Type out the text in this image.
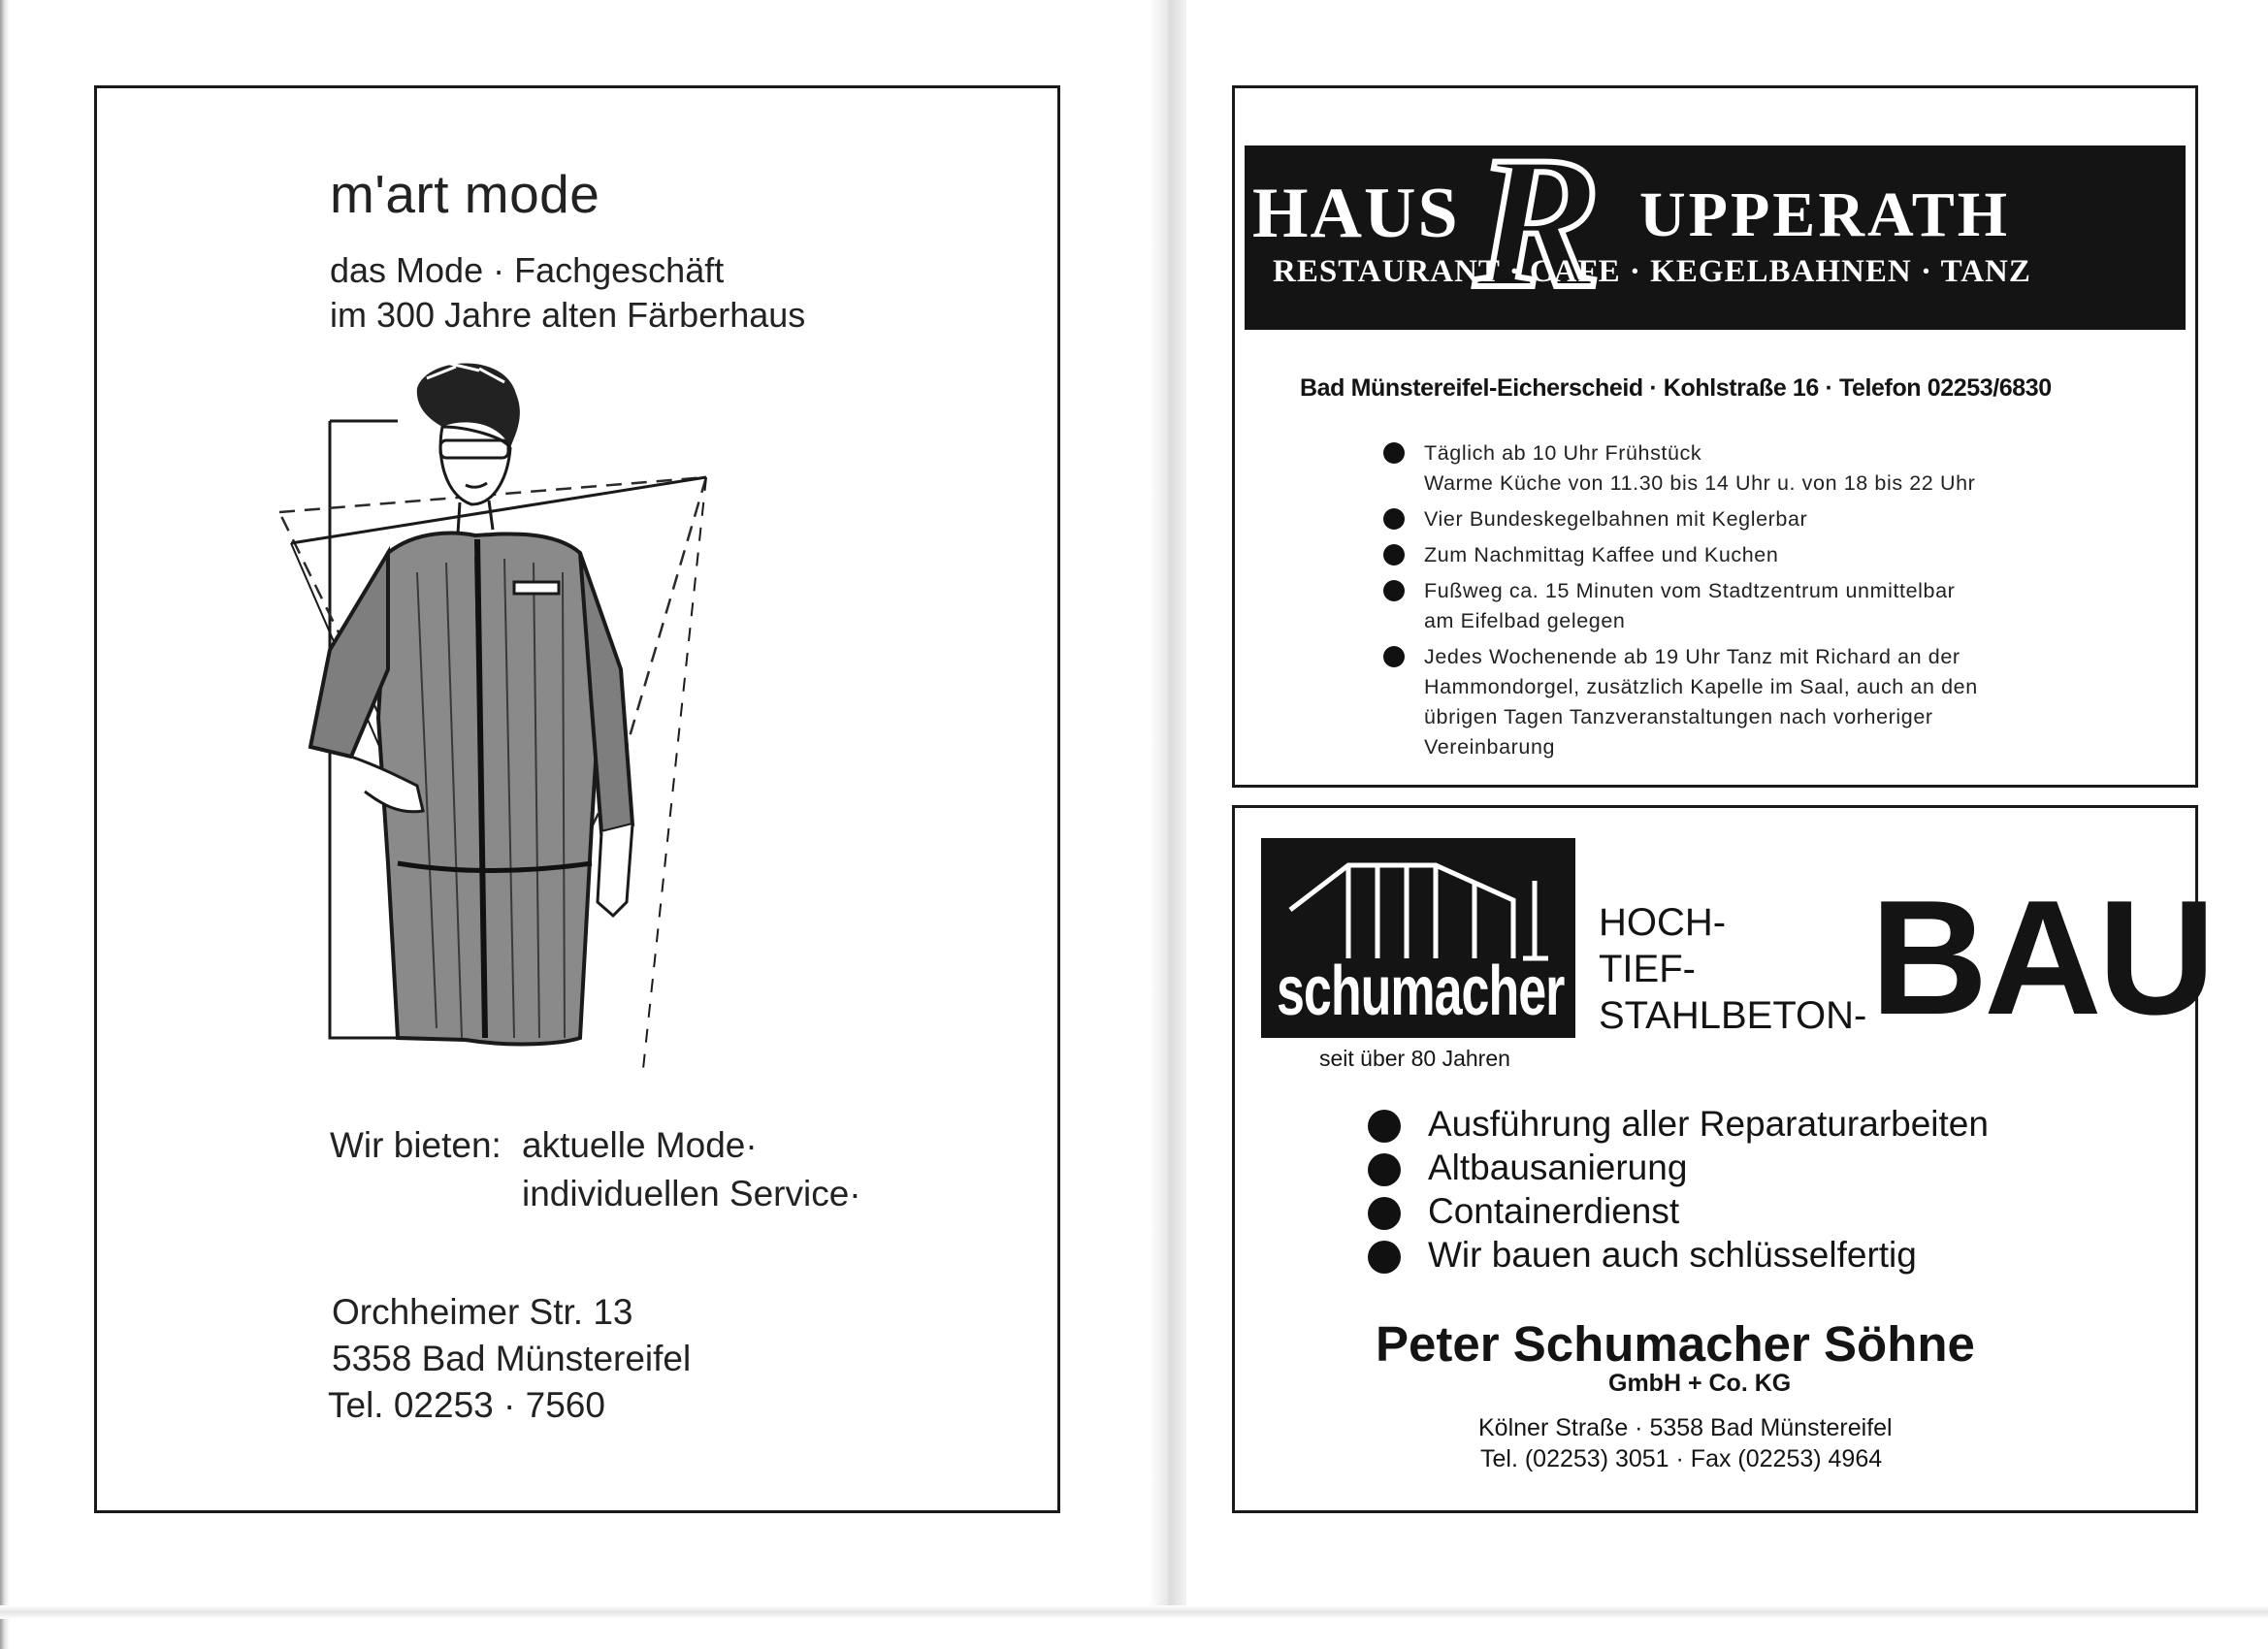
m'art mode
das Mode · Fachgeschäft
im 300 Jahre alten Färberhaus
Wir bieten: aktuelle Mode·
individuellen Service·
Orchheimer Str. 13
5358 Bad Münstereifel
Tel. 02253 · 7560
HAUS R UPPERATH
RESTAURANT · CAFE · KEGELBAHNEN · TANZ
Bad Münstereifel-Eicherscheid · Kohlstraße 16 · Telefon 02253/6830
Täglich ab 10 Uhr Frühstück
Warme Küche von 11.30 bis 14 Uhr u. von 18 bis 22 Uhr
Vier Bundeskegelbahnen mit Keglerbar
Zum Nachmittag Kaffee und Kuchen
Fußweg ca. 15 Minuten vom Stadtzentrum unmittelbar
am Eifelbad gelegen
Jedes Wochenende ab 19 Uhr Tanz mit Richard an der
Hammondorgel, zusätzlich Kapelle im Saal, auch an den
übrigen Tagen Tanzveranstaltungen nach vorheriger
Vereinbarung
schumacher
seit über 80 Jahren
HOCH-
TIEF-
STAHLBETON- BAU
Ausführung aller Reparaturarbeiten
Altbausanierung
Containerdienst
Wir bauen auch schlüsselfertig
Peter Schumacher Söhne
GmbH + Co. KG
Kölner Straße · 5358 Bad Münstereifel
Tel. (02253) 3051 · Fax (02253) 4964
